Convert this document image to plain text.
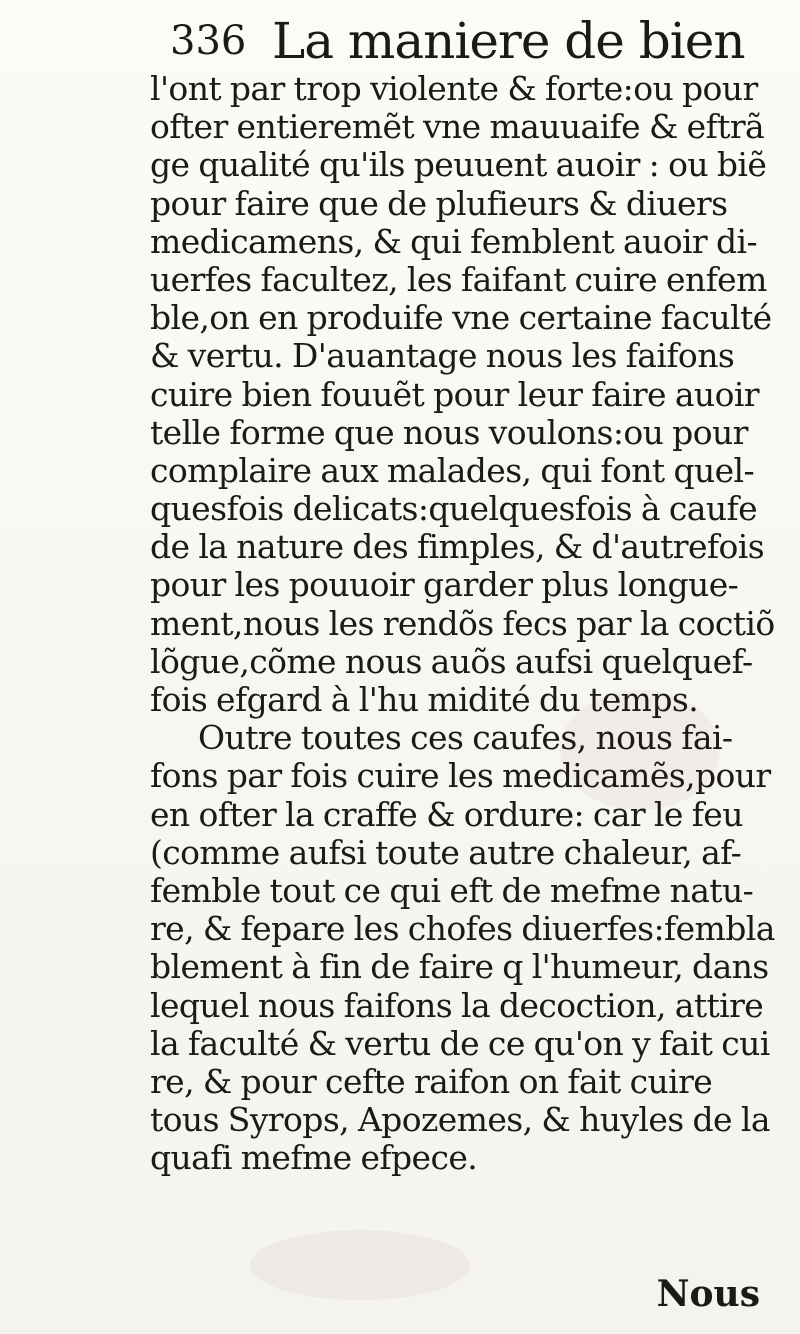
336 La maniere de bien
l'ont par trop violente & forte:ou pour
ofter entieremẽt vne mauuaife & eftrã
ge qualité qu'ils peuuent auoir : ou biẽ
pour faire que de plufieurs & diuers
medicamens, & qui femblent auoir di-
uerfes facultez, les faifant cuire enfem
ble,on en produife vne certaine faculté
& vertu. D'auantage nous les faifons
cuire bien fouuẽt pour leur faire auoir
telle forme que nous voulons:ou pour
complaire aux malades, qui font quel-
quesfois delicats:quelquesfois à caufe
de la nature des fimples, & d'autrefois
pour les pouuoir garder plus longue-
ment,nous les rendõs fecs par la coctiõ
lõgue,cõme nous auõs aufsi quelquef-
fois efgard à l'hu midité du temps.
Outre toutes ces caufes, nous fai-
fons par fois cuire les medicamẽs,pour
en ofter la craffe & ordure: car le feu
(comme aufsi toute autre chaleur, af-
femble tout ce qui eft de mefme natu-
re, & fepare les chofes diuerfes:fembla
blement à fin de faire q l'humeur, dans
lequel nous faifons la decoction, attire
la faculté & vertu de ce qu'on y fait cui
re, & pour cefte raifon on fait cuire
tous Syrops, Apozemes, & huyles de la
quafi mefme efpece.
Nous
